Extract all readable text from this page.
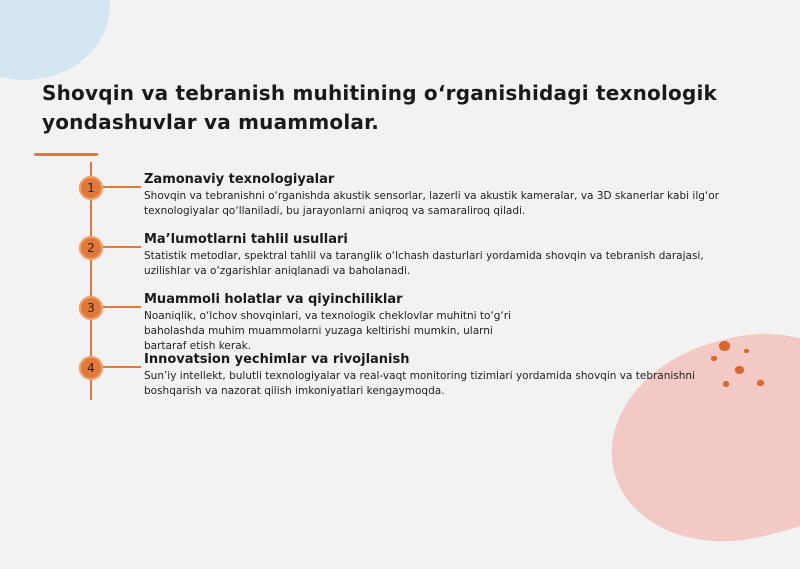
Shovqin va tebranish muhitining o‘rganishidagi texnologik
yondashuvlar va muammolar.
1
Zamonaviy texnologiyalar

Shovqin va tebranishni o‘rganishda akustik sensorlar, lazerli va akustik kameralar, va 3D skanerlar kabi ilg‘or texnologiyalar qo‘llaniladi, bu jarayonlarni aniqroq va samaraliroq qiladi.

2
Ma’lumotlarni tahlil usullari

Statistik metodlar, spektral tahlil va taranglik o‘lchash dasturlari yordamida shovqin va tebranish darajasi, uzilishlar va o‘zgarishlar aniqlanadi va baholanadi.

3
Muammoli holatlar va qiyinchiliklar

Noaniqlik, o‘lchov shovqinlari, va texnologik cheklovlar muhitni to‘g‘ri baholashda muhim muammolarni yuzaga keltirishi mumkin, ularni bartaraf etish kerak.

4
Innovatsion yechimlar va rivojlanish

Sun’iy intellekt, bulutli texnologiyalar va real-vaqt monitoring tizimlari yordamida shovqin va tebranishni boshqarish va nazorat qilish imkoniyatlari kengaymoqda.
